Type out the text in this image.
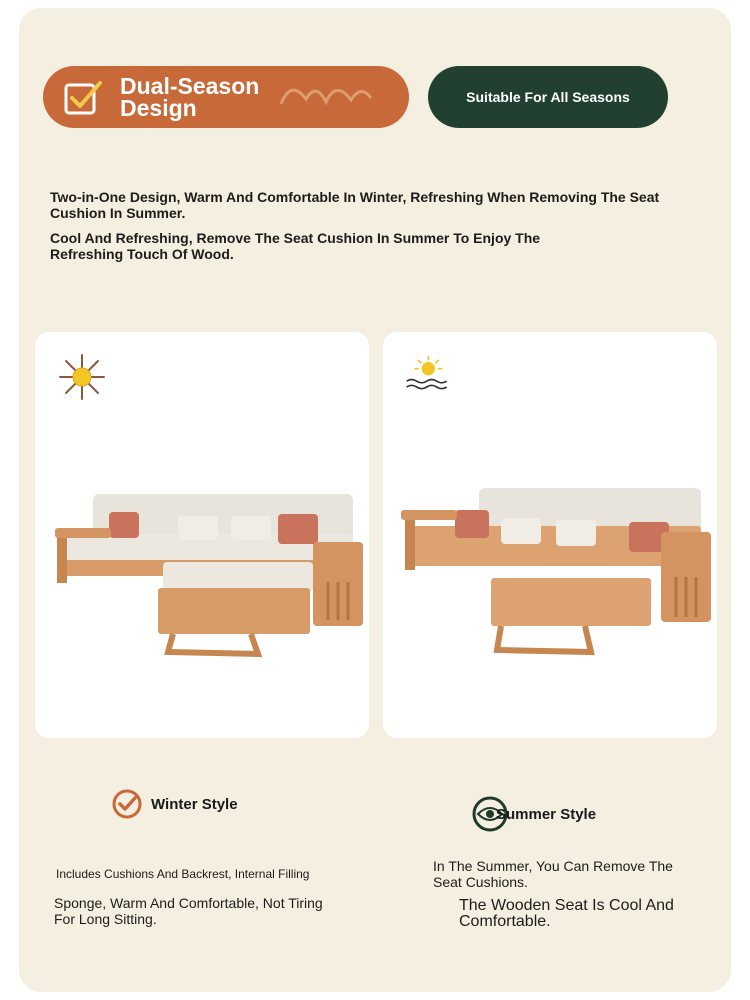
Dual-Season Design	Suitable For All Seasons
Two-in-One Design, Warm And Comfortable In Winter, Refreshing When Removing The Seat Cushion In Summer.
Cool And Refreshing, Remove The Seat Cushion In Summer To Enjoy The Refreshing Touch Of Wood.
Winter Style
Summer Style
Includes Cushions And Backrest, Internal Filling
Sponge, Warm And Comfortable, Not Tiring For Long Sitting.
In The Summer, You Can Remove The Seat Cushions.
The Wooden Seat Is Cool And Comfortable.
